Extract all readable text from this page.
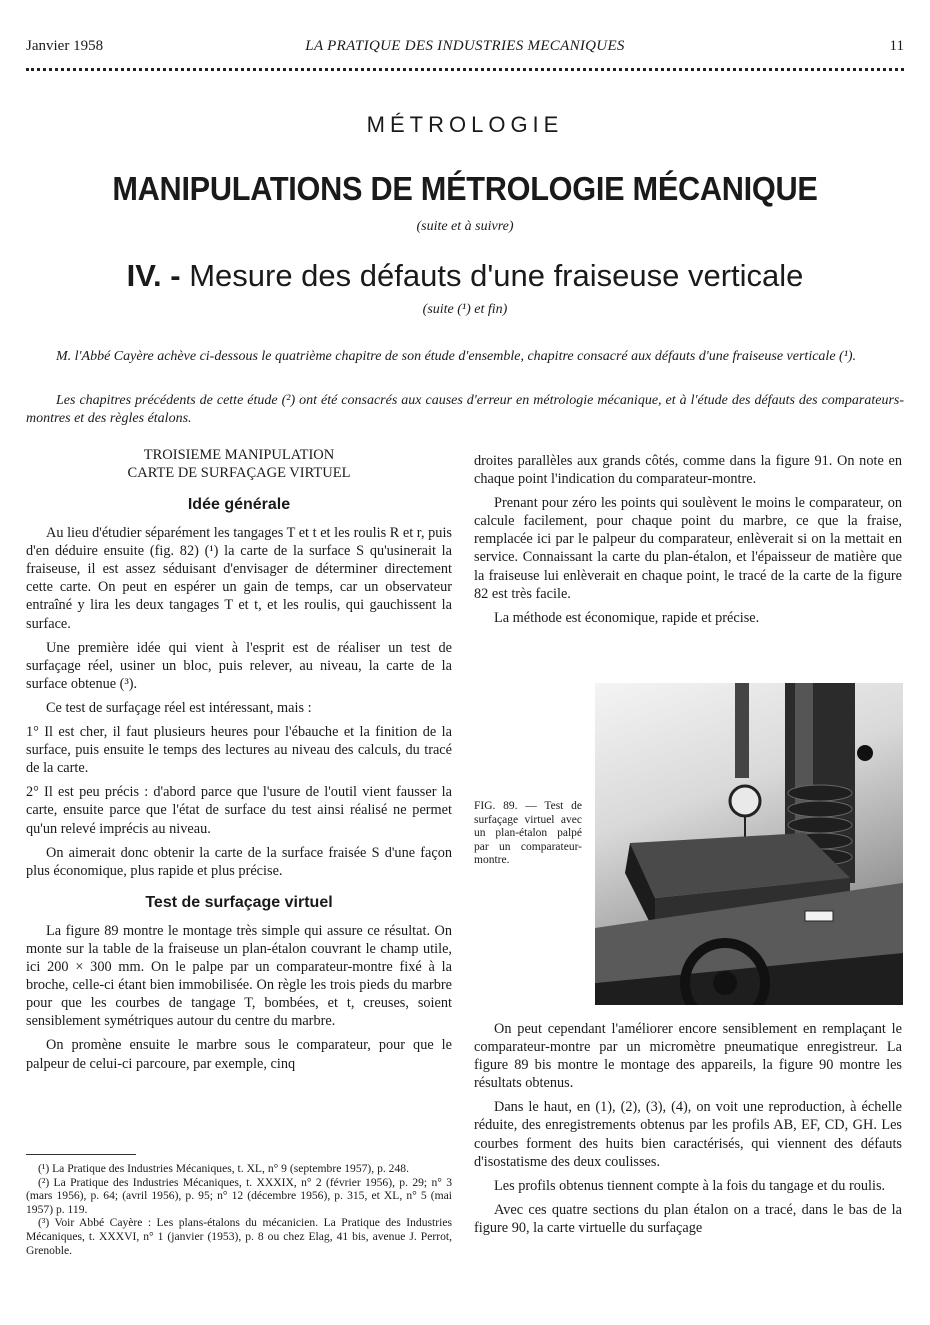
Janvier 1958	LA PRATIQUE DES INDUSTRIES MECANIQUES	11
MÉTROLOGIE
MANIPULATIONS DE MÉTROLOGIE MÉCANIQUE
(suite et à suivre)
IV. - Mesure des défauts d'une fraiseuse verticale
(suite (¹) et fin)

M. l'Abbé Cayère achève ci-dessous le quatrième chapitre de son étude d'ensemble, chapitre consacré aux défauts d'une fraiseuse verticale (¹).

Les chapitres précédents de cette étude (²) ont été consacrés aux causes d'erreur en métrologie mécanique, et à l'étude des défauts des comparateurs-montres et des règles étalons.

TROISIEME MANIPULATION
CARTE DE SURFAÇAGE VIRTUEL
Idée générale

Au lieu d'étudier séparément les tangages T et t et les roulis R et r, puis d'en déduire ensuite (fig. 82) (¹) la carte de la surface S qu'usinerait la fraiseuse, il est assez séduisant d'envisager de déterminer directement cette carte. On peut en espérer un gain de temps, car un observateur entraîné y lira les deux tangages T et t, et les roulis, qui gauchissent la surface.

Une première idée qui vient à l'esprit est de réaliser un test de surfaçage réel, usiner un bloc, puis relever, au niveau, la carte de la surface obtenue (³).

Ce test de surfaçage réel est intéressant, mais :

1° Il est cher, il faut plusieurs heures pour l'ébauche et la finition de la surface, puis ensuite le temps des lectures au niveau des calculs, du tracé de la carte.

2° Il est peu précis : d'abord parce que l'usure de l'outil vient fausser la carte, ensuite parce que l'état de surface du test ainsi réalisé ne permet qu'un relevé imprécis au niveau.

On aimerait donc obtenir la carte de la surface fraisée S d'une façon plus économique, plus rapide et plus précise.

Test de surfaçage virtuel

La figure 89 montre le montage très simple qui assure ce résultat. On monte sur la table de la fraiseuse un plan-étalon couvrant le champ utile, ici 200 × 300 mm. On le palpe par un comparateur-montre fixé à la broche, celle-ci étant bien immobilisée. On règle les trois pieds du marbre pour que les courbes de tangage T, bombées, et t, creuses, soient sensiblement symétriques autour du centre du marbre.

On promène ensuite le marbre sous le comparateur, pour que le palpeur de celui-ci parcoure, par exemple, cinq

(¹) La Pratique des Industries Mécaniques, t. XL, n° 9 (septembre 1957), p. 248.

(²) La Pratique des Industries Mécaniques, t. XXXIX, n° 2 (février 1956), p. 29; n° 3 (mars 1956), p. 64; (avril 1956), p. 95; n° 12 (décembre 1956), p. 315, et XL, n° 5 (mai 1957) p. 119.

(³) Voir Abbé Cayère : Les plans-étalons du mécanicien. La Pratique des Industries Mécaniques, t. XXXVI, n° 1 (janvier (1953), p. 8 ou chez Elag, 41 bis, avenue J. Perrot, Grenoble.

droites parallèles aux grands côtés, comme dans la figure 91. On note en chaque point l'indication du comparateur-montre.

Prenant pour zéro les points qui soulèvent le moins le comparateur, on calcule facilement, pour chaque point du marbre, ce que la fraise, remplacée ici par le palpeur du comparateur, enlèverait si on la mettait en service. Connaissant la carte du plan-étalon, et l'épaisseur de matière que la fraiseuse lui enlèverait en chaque point, le tracé de la carte de la figure 82 est très facile.

La méthode est économique, rapide et précise.

FIG. 89. — Test de surfaçage virtuel avec un plan-étalon palpé par un comparateur-montre.

On peut cependant l'améliorer encore sensiblement en remplaçant le comparateur-montre par un micromètre pneumatique enregistreur. La figure 89 bis montre le montage des appareils, la figure 90 montre les résultats obtenus.

Dans le haut, en (1), (2), (3), (4), on voit une reproduction, à échelle réduite, des enregistrements obtenus par les profils AB, EF, CD, GH. Les courbes forment des huits bien caractérisés, qui viennent des défauts d'isostatisme des deux coulisses.

Les profils obtenus tiennent compte à la fois du tangage et du roulis.

Avec ces quatre sections du plan étalon on a tracé, dans le bas de la figure 90, la carte virtuelle du surfaçage
